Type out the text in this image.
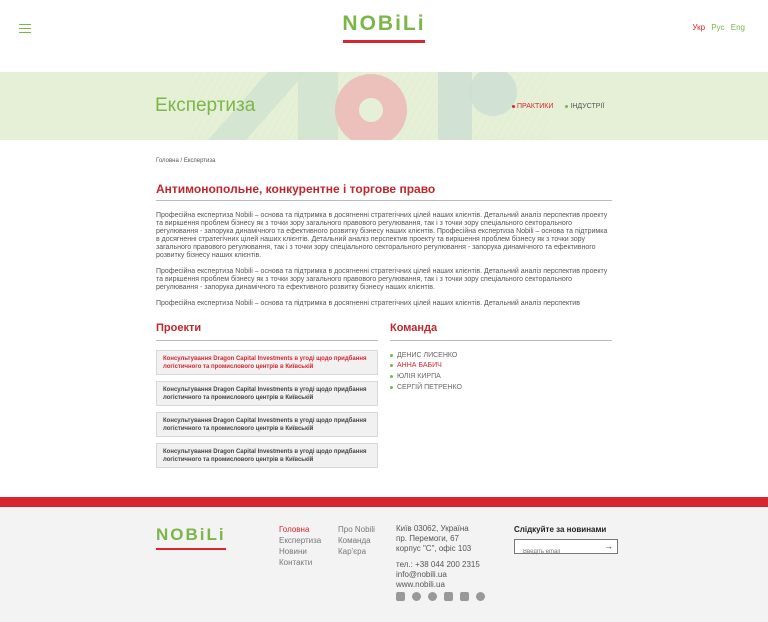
NOBiLi	Укр Рус Eng
Експертиза	ПРАКТИКИ ІНДУСТРІЇ
Головна / Експертиза
Антимонопольне, конкурентне і торгове право

Професійна експертиза Nobili – основа та підтримка в досягненні стратегічних цілей наших клієнтів. Детальний аналіз перспектив проекту та вирішення проблем бізнесу як з точки зору загального правового регулювання, так і з точки зору спеціального секторального регулювання - запорука динамічного та ефективного розвитку бізнесу наших клієнтів. Професійна експертиза Nobili – основа та підтримка в досягненні стратегічних цілей наших клієнтів. Детальний аналіз перспектив проекту та вирішення проблем бізнесу як з точки зору загального правового регулювання, так і з точки зору спеціального секторального регулювання - запорука динамічного та ефективного розвитку бізнесу наших клієнтів.

Професійна експертиза Nobili – основа та підтримка в досягненні стратегічних цілей наших клієнтів. Детальний аналіз перспектив проекту та вирішення проблем бізнесу як з точки зору загального правового регулювання, так і з точки зору спеціального секторального регулювання - запорука динамічного та ефективного розвитку бізнесу наших клієнтів.

Професійна експертиза Nobili – основа та підтримка в досягненні стратегічних цілей наших клієнтів. Детальний аналіз перспектив

Проекти
Консультування Dragon Capital Investments в угоді щодо придбання логістичного та промислового центрів в Київській
Консультування Dragon Capital Investments в угоді щодо придбання логістичного та промислового центрів в Київській
Консультування Dragon Capital Investments в угоді щодо придбання логістичного та промислового центрів в Київській
Консультування Dragon Capital Investments в угоді щодо придбання логістичного та промислового центрів в Київській
Команда
ДЕНИС ЛИСЕНКО
АННА БАБИЧ
ЮЛІЯ КИРПА
СЕРГІЙ ПЕТРЕНКО
NOBiLi	Головна
Експертиза
Новини
Контакти
Про Nobili
Команда
Кар'єра
Київ 03062, Україна
пр. Перемоги, 67
корпус "С", офіс 103
тел.: +38 044 200 2315
info@nobili.ua
www.nobili.ua
Слідкуйте за новинами
Введіть email
→
